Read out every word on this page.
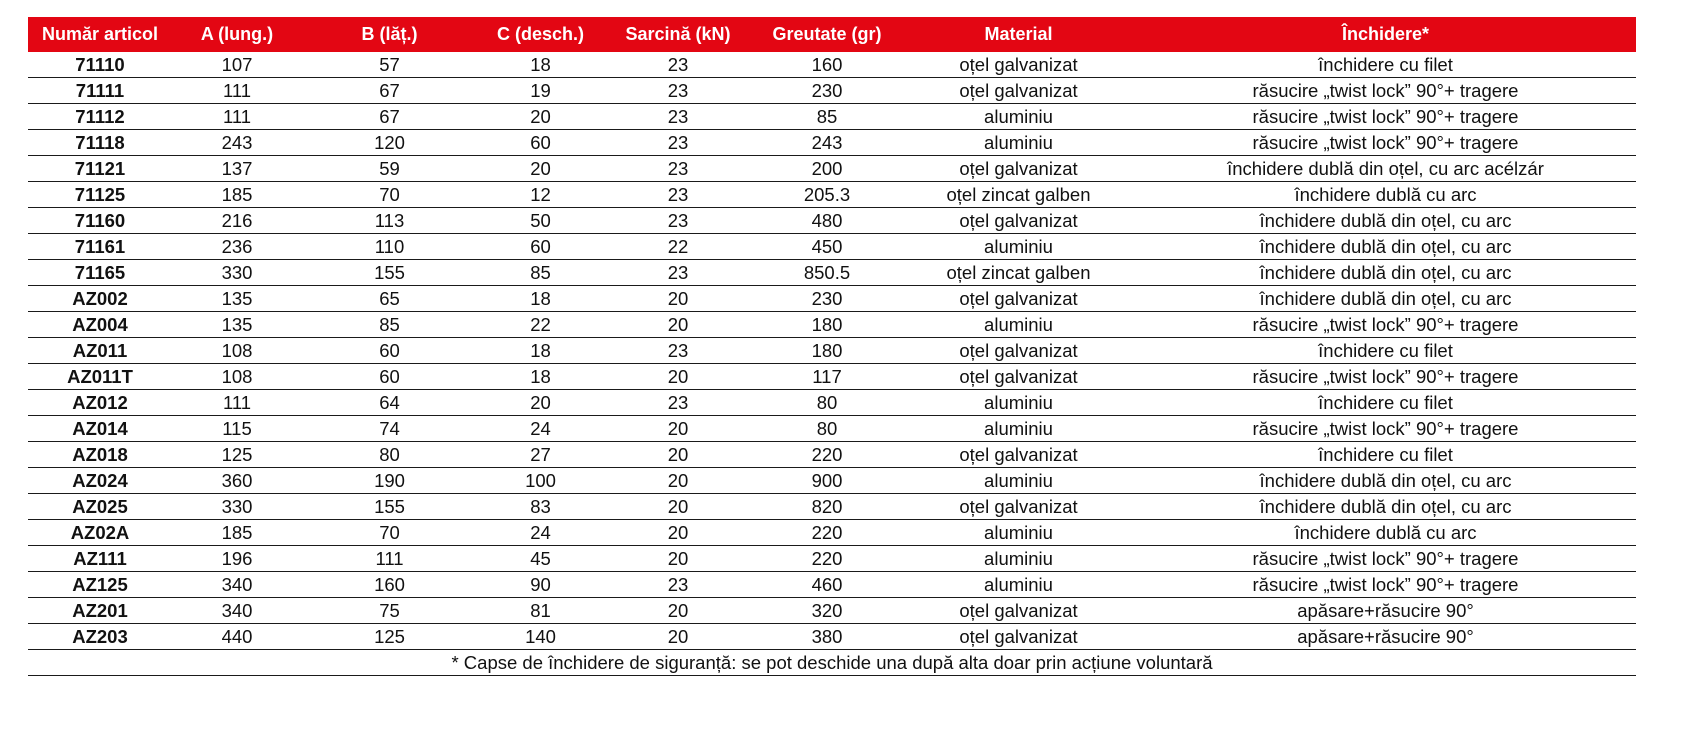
Număr articol	A (lung.)	B (lăț.)	C (desch.)	Sarcină (kN)	Greutate (gr)	Material	Închidere*
71110	107	57	18	23	160	oțel galvanizat	închidere cu filet
71111	111	67	19	23	230	oțel galvanizat	răsucire „twist lock” 90°+ tragere
71112	111	67	20	23	85	aluminiu	răsucire „twist lock” 90°+ tragere
71118	243	120	60	23	243	aluminiu	răsucire „twist lock” 90°+ tragere
71121	137	59	20	23	200	oțel galvanizat	închidere dublă din oțel, cu arc acélzár
71125	185	70	12	23	205.3	oțel zincat galben	închidere dublă cu arc
71160	216	113	50	23	480	oțel galvanizat	închidere dublă din oțel, cu arc
71161	236	110	60	22	450	aluminiu	închidere dublă din oțel, cu arc
71165	330	155	85	23	850.5	oțel zincat galben	închidere dublă din oțel, cu arc
AZ002	135	65	18	20	230	oțel galvanizat	închidere dublă din oțel, cu arc
AZ004	135	85	22	20	180	aluminiu	răsucire „twist lock” 90°+ tragere
AZ011	108	60	18	23	180	oțel galvanizat	închidere cu filet
AZ011T	108	60	18	20	117	oțel galvanizat	răsucire „twist lock” 90°+ tragere
AZ012	111	64	20	23	80	aluminiu	închidere cu filet
AZ014	115	74	24	20	80	aluminiu	răsucire „twist lock” 90°+ tragere
AZ018	125	80	27	20	220	oțel galvanizat	închidere cu filet
AZ024	360	190	100	20	900	aluminiu	închidere dublă din oțel, cu arc
AZ025	330	155	83	20	820	oțel galvanizat	închidere dublă din oțel, cu arc
AZ02A	185	70	24	20	220	aluminiu	închidere dublă cu arc
AZ111	196	111	45	20	220	aluminiu	răsucire „twist lock” 90°+ tragere
AZ125	340	160	90	23	460	aluminiu	răsucire „twist lock” 90°+ tragere
AZ201	340	75	81	20	320	oțel galvanizat	apăsare+răsucire 90°
AZ203	440	125	140	20	380	oțel galvanizat	apăsare+răsucire 90°
* Capse de închidere de siguranță: se pot deschide una după alta doar prin acțiune voluntară							
